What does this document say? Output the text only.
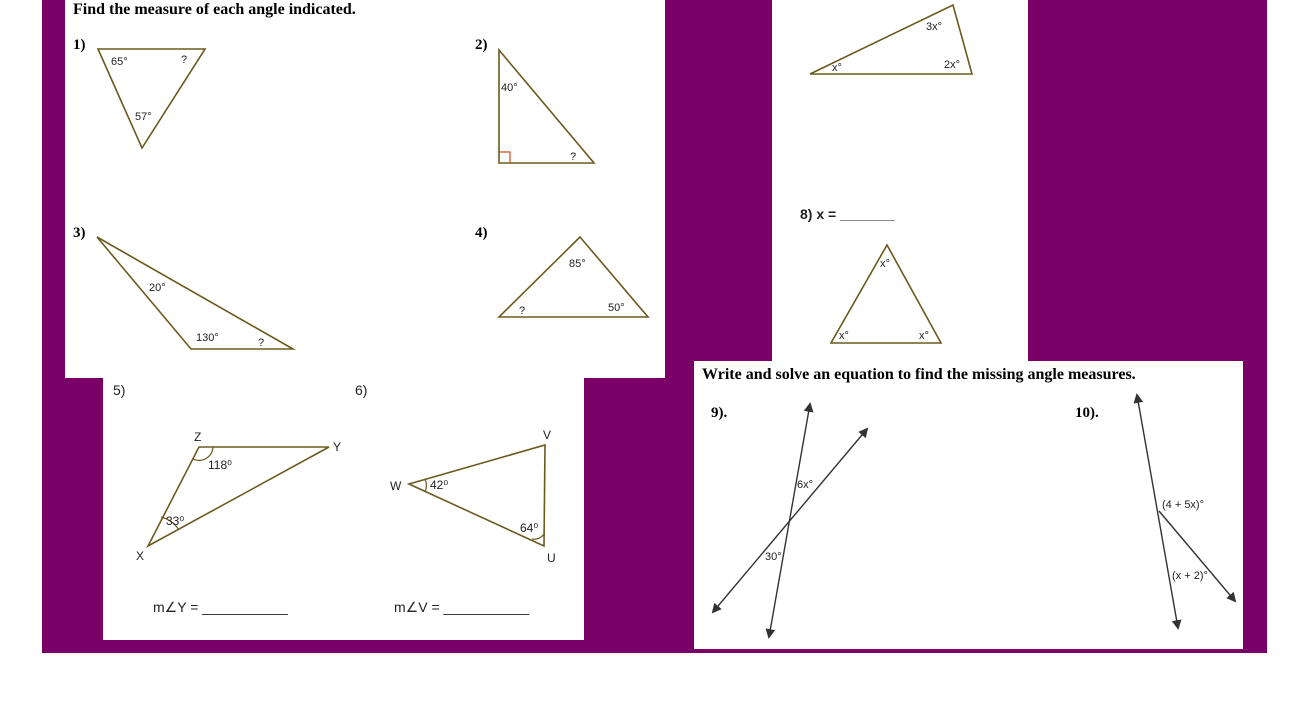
Find the measure of each angle indicated.
1)
65°	?
57°
2)
40°
?
3)
20°
130°	?
4)
85°
?	50°
3x°
x°	2x°
8) x = _______
x°
x°	x°
5)
Z
Y
X
118⁰
33⁰
m∠Y = ___________
6)
V
W
U
42⁰
64⁰
m∠V = ___________
Write and solve an equation to find the missing angle measures.
9).
6x°
30°
10).
(4 + 5x)°
(x + 2)°
